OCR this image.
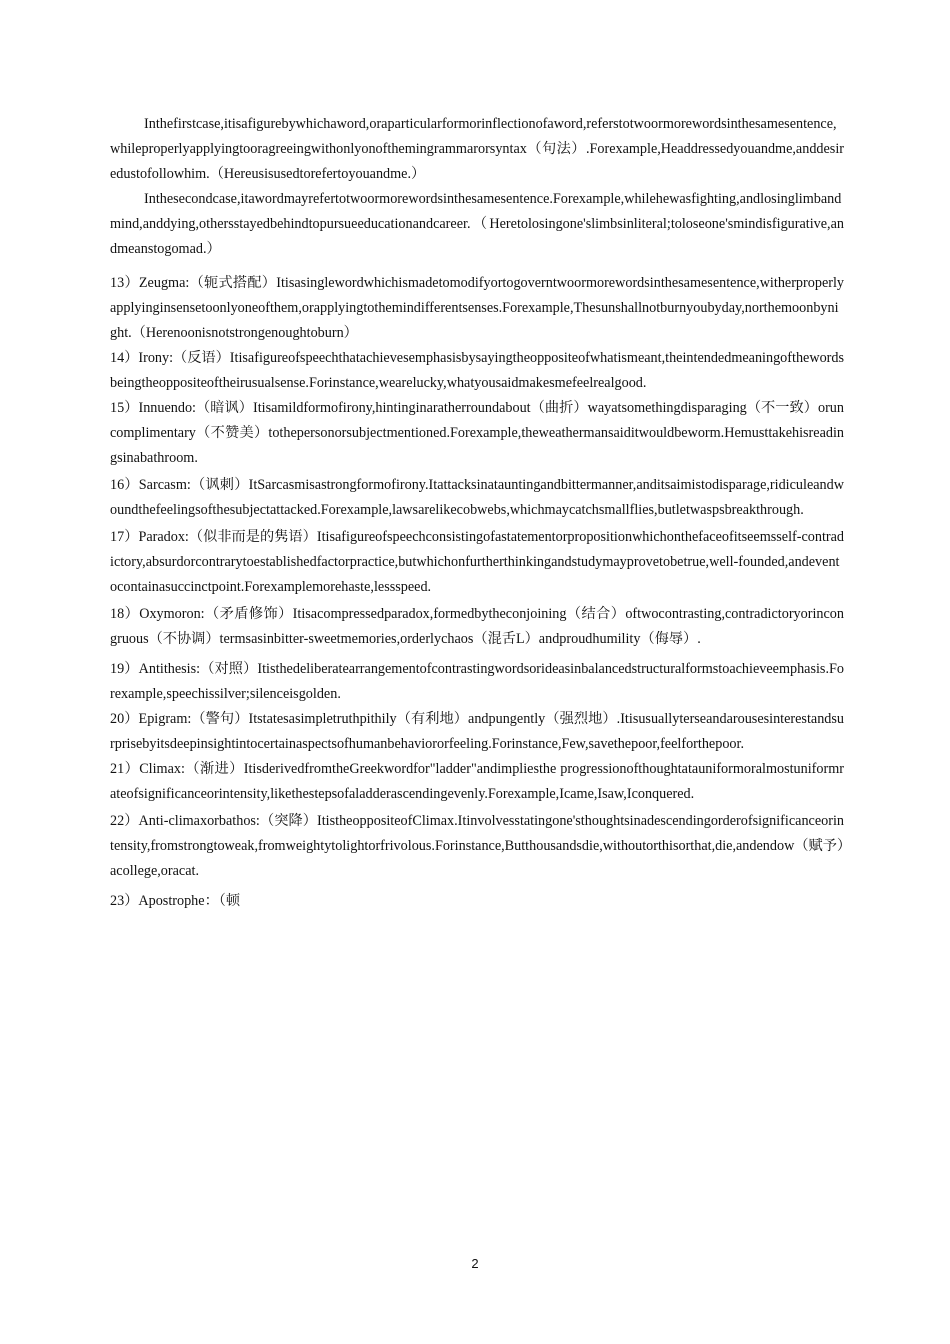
Inthefirstcase,itisafigurebywhichaword,oraparticularformorinflectionofaword,referstotwoormorewordsinthesamesentence,whileproperlyapplyingtooragreeingwithonlyonofthemingrammarorsyntax（句法）.Forexample,Headdressedyouandme,anddesiredustofollowhim.（Hereusisusedtorefertoyouandme.）

Inthesecondcase,itawordmayrefertotwoormorewordsinthesamesentence.Forexample,whilehewasfighting,andlosinglimbandmind,anddying,othersstayedbehindtopursueeducationandcareer.（Heretolosingone'slimbsinliteral;toloseone'smindisfigurative,andmeanstogomad.）

13）Zeugma:（轭式搭配）Itisasinglewordwhichismadetomodifyortogoverntwoormorewordsinthesamesentence,witherproperlyapplyinginsensetoonlyoneofthem,orapplyingtothemindifferentsenses.Forexample,Thesunshallnotburnyoubyday,northemoonbynight.（Herenoonisnotstrongenoughtoburn）

14）Irony:（反语）Itisafigureofspeechthatachievesemphasisbysayingtheoppositeofwhatismeant,theintendedmeaningofthewordsbeingtheoppositeoftheirusualsense.Forinstance,wearelucky,whatyousaidmakesmefeelrealgood.

15）Innuendo:（暗讽）Itisamildformofirony,hintinginaratherroundabout（曲折）wayatsomethingdisparaging（不一致）oruncomplimentary（不赞美）tothepersonorsubjectmentioned.Forexample,theweathermansaiditwouldbeworm.Hemusttakehisreadingsinabathroom.

16）Sarcasm:（讽刺）ItSarcasmisastrongformofirony.Itattacksinatauntingandbittermanner,anditsaimistodisparage,ridiculeandwoundthefeelingsofthesubjectattacked.Forexample,lawsarelikecobwebs,whichmaycatchsmallflies,butletwaspsbreakthrough.

17）Paradox:（似非而是的隽语）Itisafigureofspeechconsistingofastatementorpropositionwhichonthefaceofitseemsself-contradictory,absurdorcontrarytoestablishedfactorpractice,butwhichonfurtherthinkingandstudymayprovetobetrue,well-founded,andeventocontainasuccinctpoint.Forexamplemorehaste,lessspeed.

18）Oxymoron:（矛盾修饰）Itisacompressedparadox,formedbytheconjoining（结合）oftwocontrasting,contradictoryorincongruous（不协调）termsasinbitter-sweetmemories,orderlychaos（混舌L）andproudhumility（侮辱）.

19）Antithesis:（对照）Itisthedeliberatearrangementofcontrastingwordsorideasinbalancedstructuralformstoachieveemphasis.Forexample,speechissilver;silenceisgolden.

20）Epigram:（警句）Itstatesasimpletruthpithily（有利地）andpungently（强烈地）.Itisusuallyterseandarousesinterestandsurprisebyitsdeepinsightintocertainaspectsofhumanbehaviororfeeling.Forinstance,Few,savethepoor,feelforthepoor.

21）Climax:（渐进）ItisderivedfromtheGreekwordfor"ladder"andimpliesthe progressionofthoughtatauniformoralmostuniformrateofsignificanceorintensity,likethestepsofaladderascendingevenly.Forexample,Icame,Isaw,Iconquered.

22）Anti-climaxorbathos:（突降）ItistheoppositeofClimax.Itinvolvesstatingone'sthoughtsinadescendingorderofsignificanceorintensity,fromstrongtoweak,fromweightytolightorfrivolous.Forinstance,Butthousandsdie,withoutorthisorthat,die,andendow（赋予）acollege,oracat.

23）Apostrophe：（顿

2
